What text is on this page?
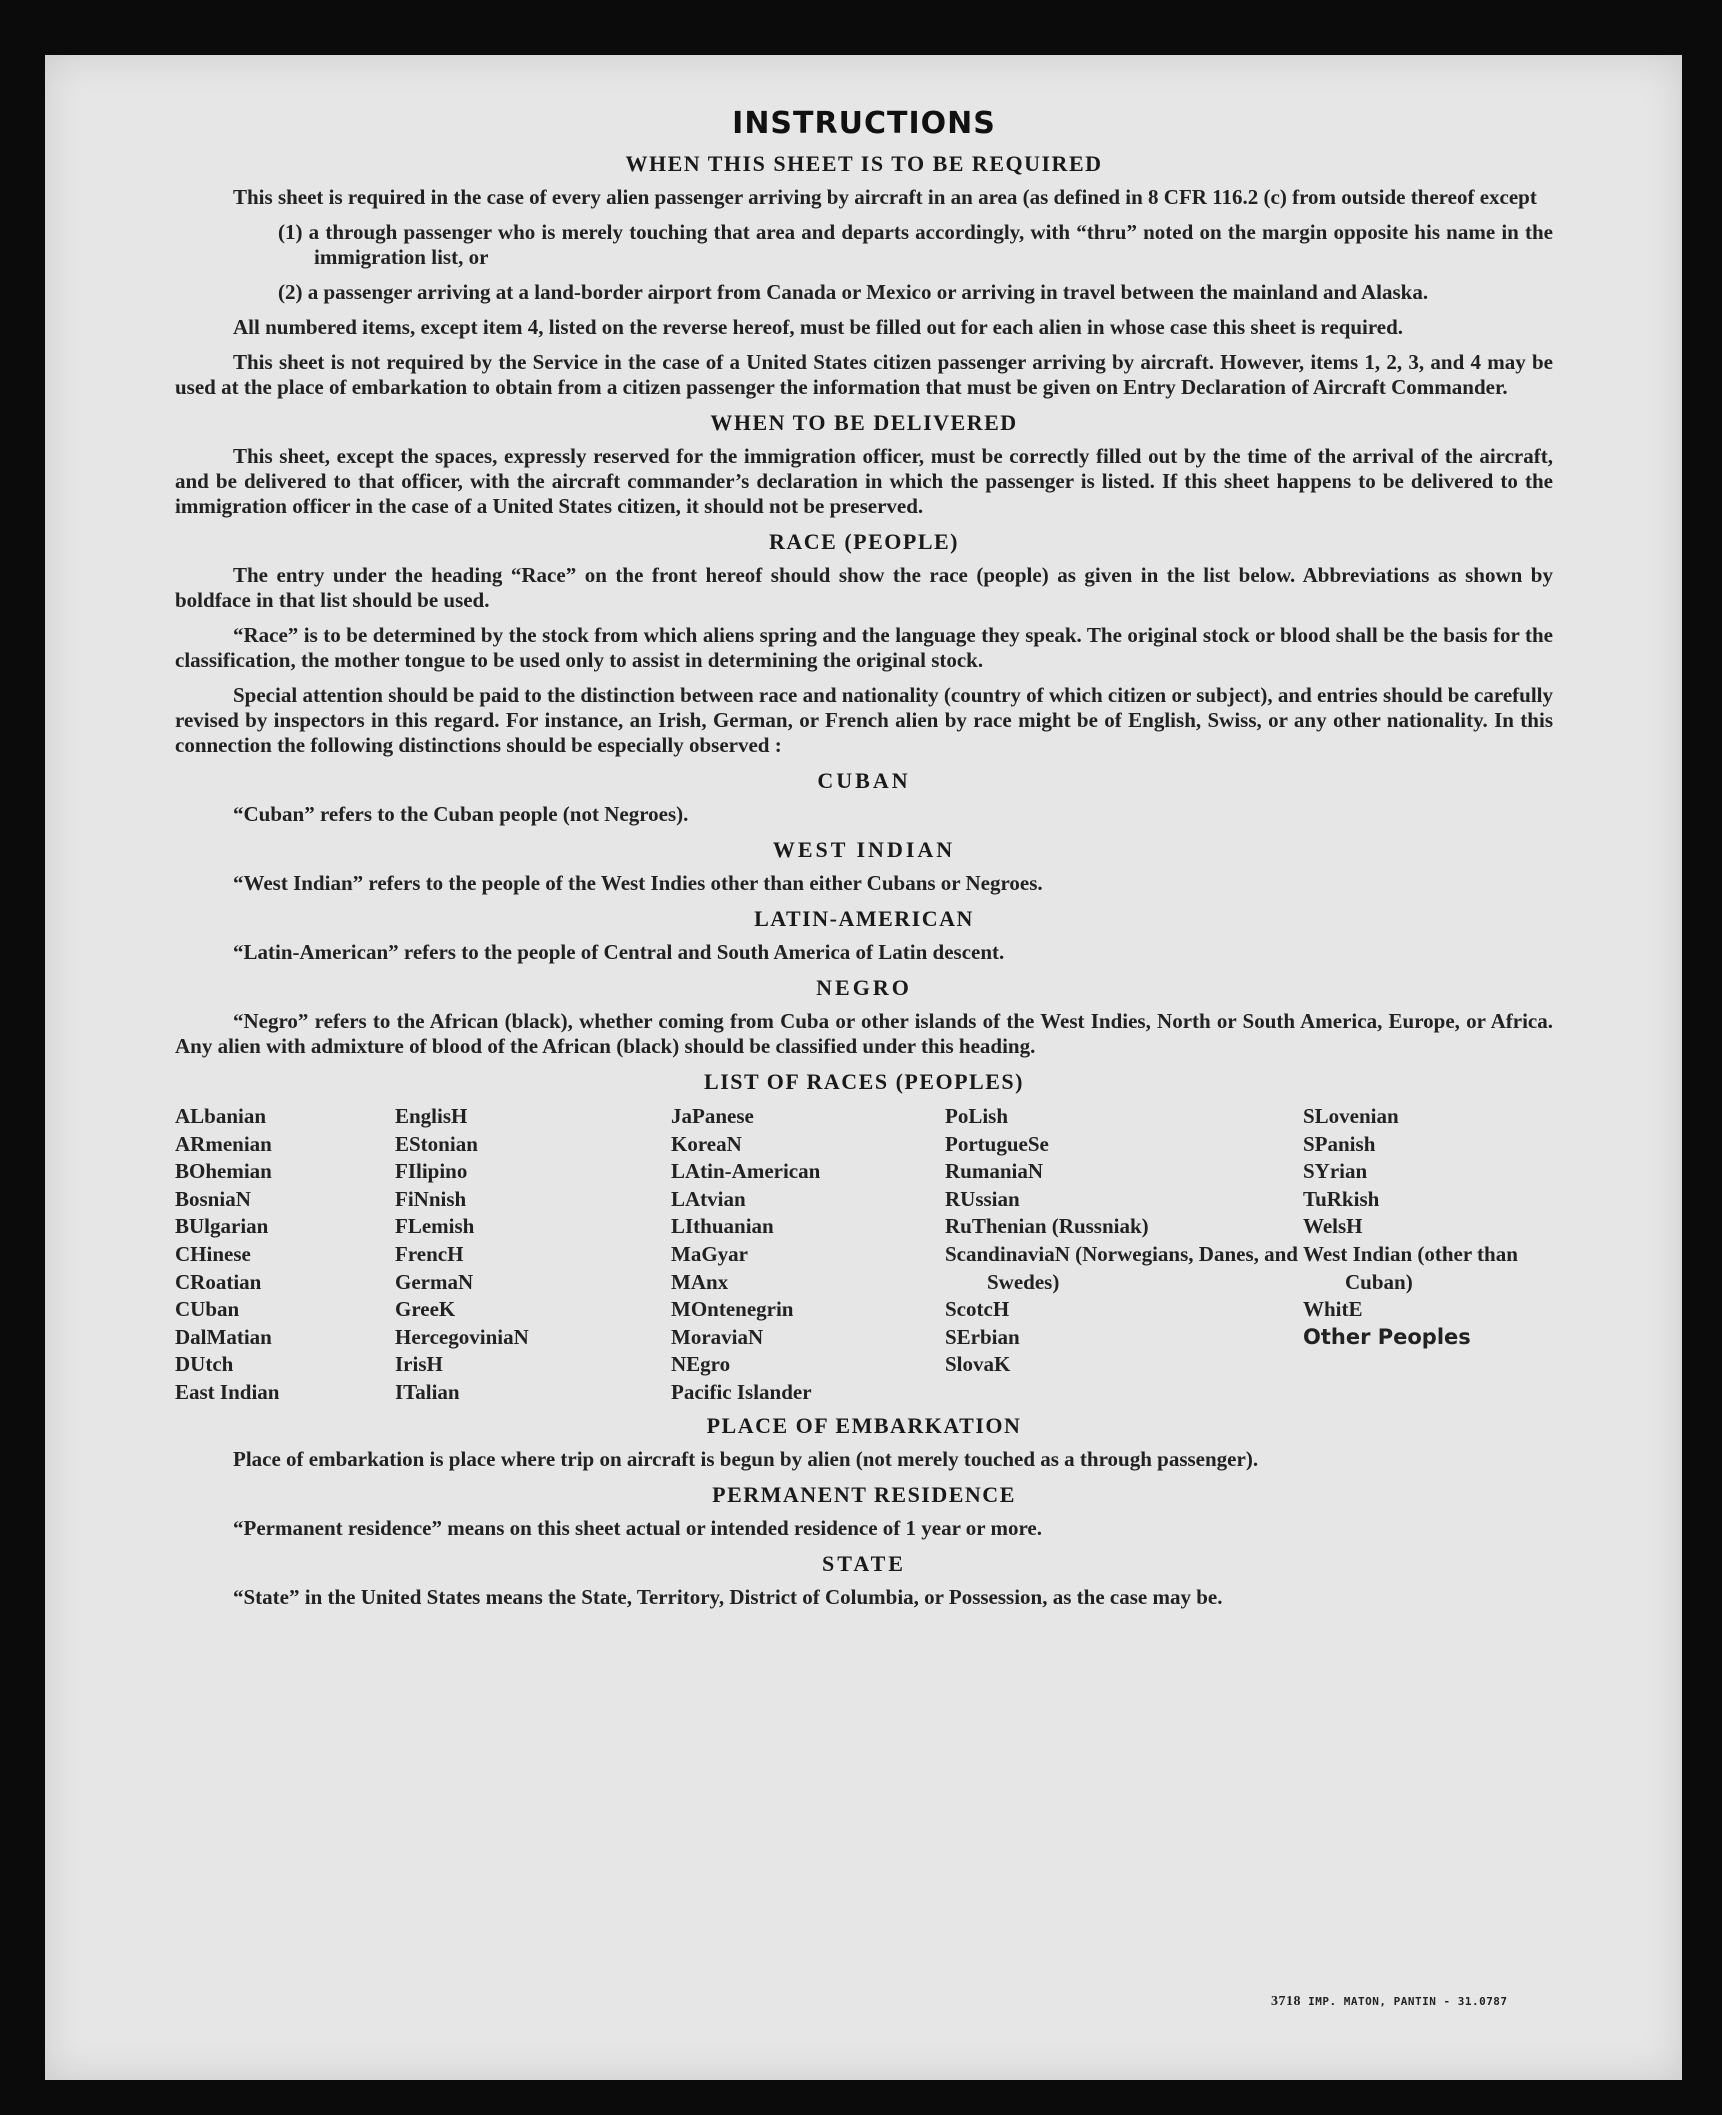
INSTRUCTIONS
WHEN THIS SHEET IS TO BE REQUIRED

This sheet is required in the case of every alien passenger arriving by aircraft in an area (as defined in 8 CFR 116.2 (c) from outside thereof except

(1) a through passenger who is merely touching that area and departs accordingly, with “thru” noted on the margin opposite his name in the immigration list, or

(2) a passenger arriving at a land-border airport from Canada or Mexico or arriving in travel between the mainland and Alaska.

All numbered items, except item 4, listed on the reverse hereof, must be filled out for each alien in whose case this sheet is required.

This sheet is not required by the Service in the case of a United States citizen passenger arriving by aircraft. However, items 1, 2, 3, and 4 may be used at the place of embarkation to obtain from a citizen passenger the information that must be given on Entry Declaration of Aircraft Commander.

WHEN TO BE DELIVERED

This sheet, except the spaces, expressly reserved for the immigration officer, must be correctly filled out by the time of the arrival of the aircraft, and be delivered to that officer, with the aircraft commander’s declaration in which the passenger is listed. If this sheet happens to be delivered to the immigration officer in the case of a United States citizen, it should not be preserved.

RACE (PEOPLE)

The entry under the heading “Race” on the front hereof should show the race (people) as given in the list below. Abbreviations as shown by boldface in that list should be used.

“Race” is to be determined by the stock from which aliens spring and the language they speak. The original stock or blood shall be the basis for the classification, the mother tongue to be used only to assist in determining the original stock.

Special attention should be paid to the distinction between race and nationality (country of which citizen or subject), and entries should be carefully revised by inspectors in this regard. For instance, an Irish, German, or French alien by race might be of English, Swiss, or any other nationality. In this connection the following distinctions should be especially observed :

CUBAN

“Cuban” refers to the Cuban people (not Negroes).

WEST INDIAN

“West Indian” refers to the people of the West Indies other than either Cubans or Negroes.

LATIN-AMERICAN

“Latin-American” refers to the people of Central and South America of Latin descent.

NEGRO

“Negro” refers to the African (black), whether coming from Cuba or other islands of the West Indies, North or South America, Europe, or Africa. Any alien with admixture of blood of the African (black) should be classified under this heading.

LIST OF RACES (PEOPLES)
ALbanian
ARmenian
BOhemian
BosniaN
BUlgarian
CHinese
CRoatian
CUban
DalMatian
DUtch
East Indian
EnglisH
EStonian
FIlipino
FiNnish
FLemish
FrencH
GermaN
GreeK
HercegoviniaN
IrisH
ITalian
JaPanese
KoreaN
LAtin-American
LAtvian
LIthuanian
MaGyar
MAnx
MOntenegrin
MoraviaN
NEgro
Pacific Islander
PoLish
PortugueSe
RumaniaN
RUssian
RuThenian (Russniak)
ScandinaviaN (Norwegians, Danes, and Swedes)
ScotcH
SErbian
SlovaK
SLovenian
SPanish
SYrian
TuRkish
WelsH
West Indian (other than Cuban)
WhitE
Other Peoples
PLACE OF EMBARKATION

Place of embarkation is place where trip on aircraft is begun by alien (not merely touched as a through passenger).

PERMANENT RESIDENCE

“Permanent residence” means on this sheet actual or intended residence of 1 year or more.

STATE

“State” in the United States means the State, Territory, District of Columbia, or Possession, as the case may be.

3718 IMP. MATON, PANTIN - 31.0787
